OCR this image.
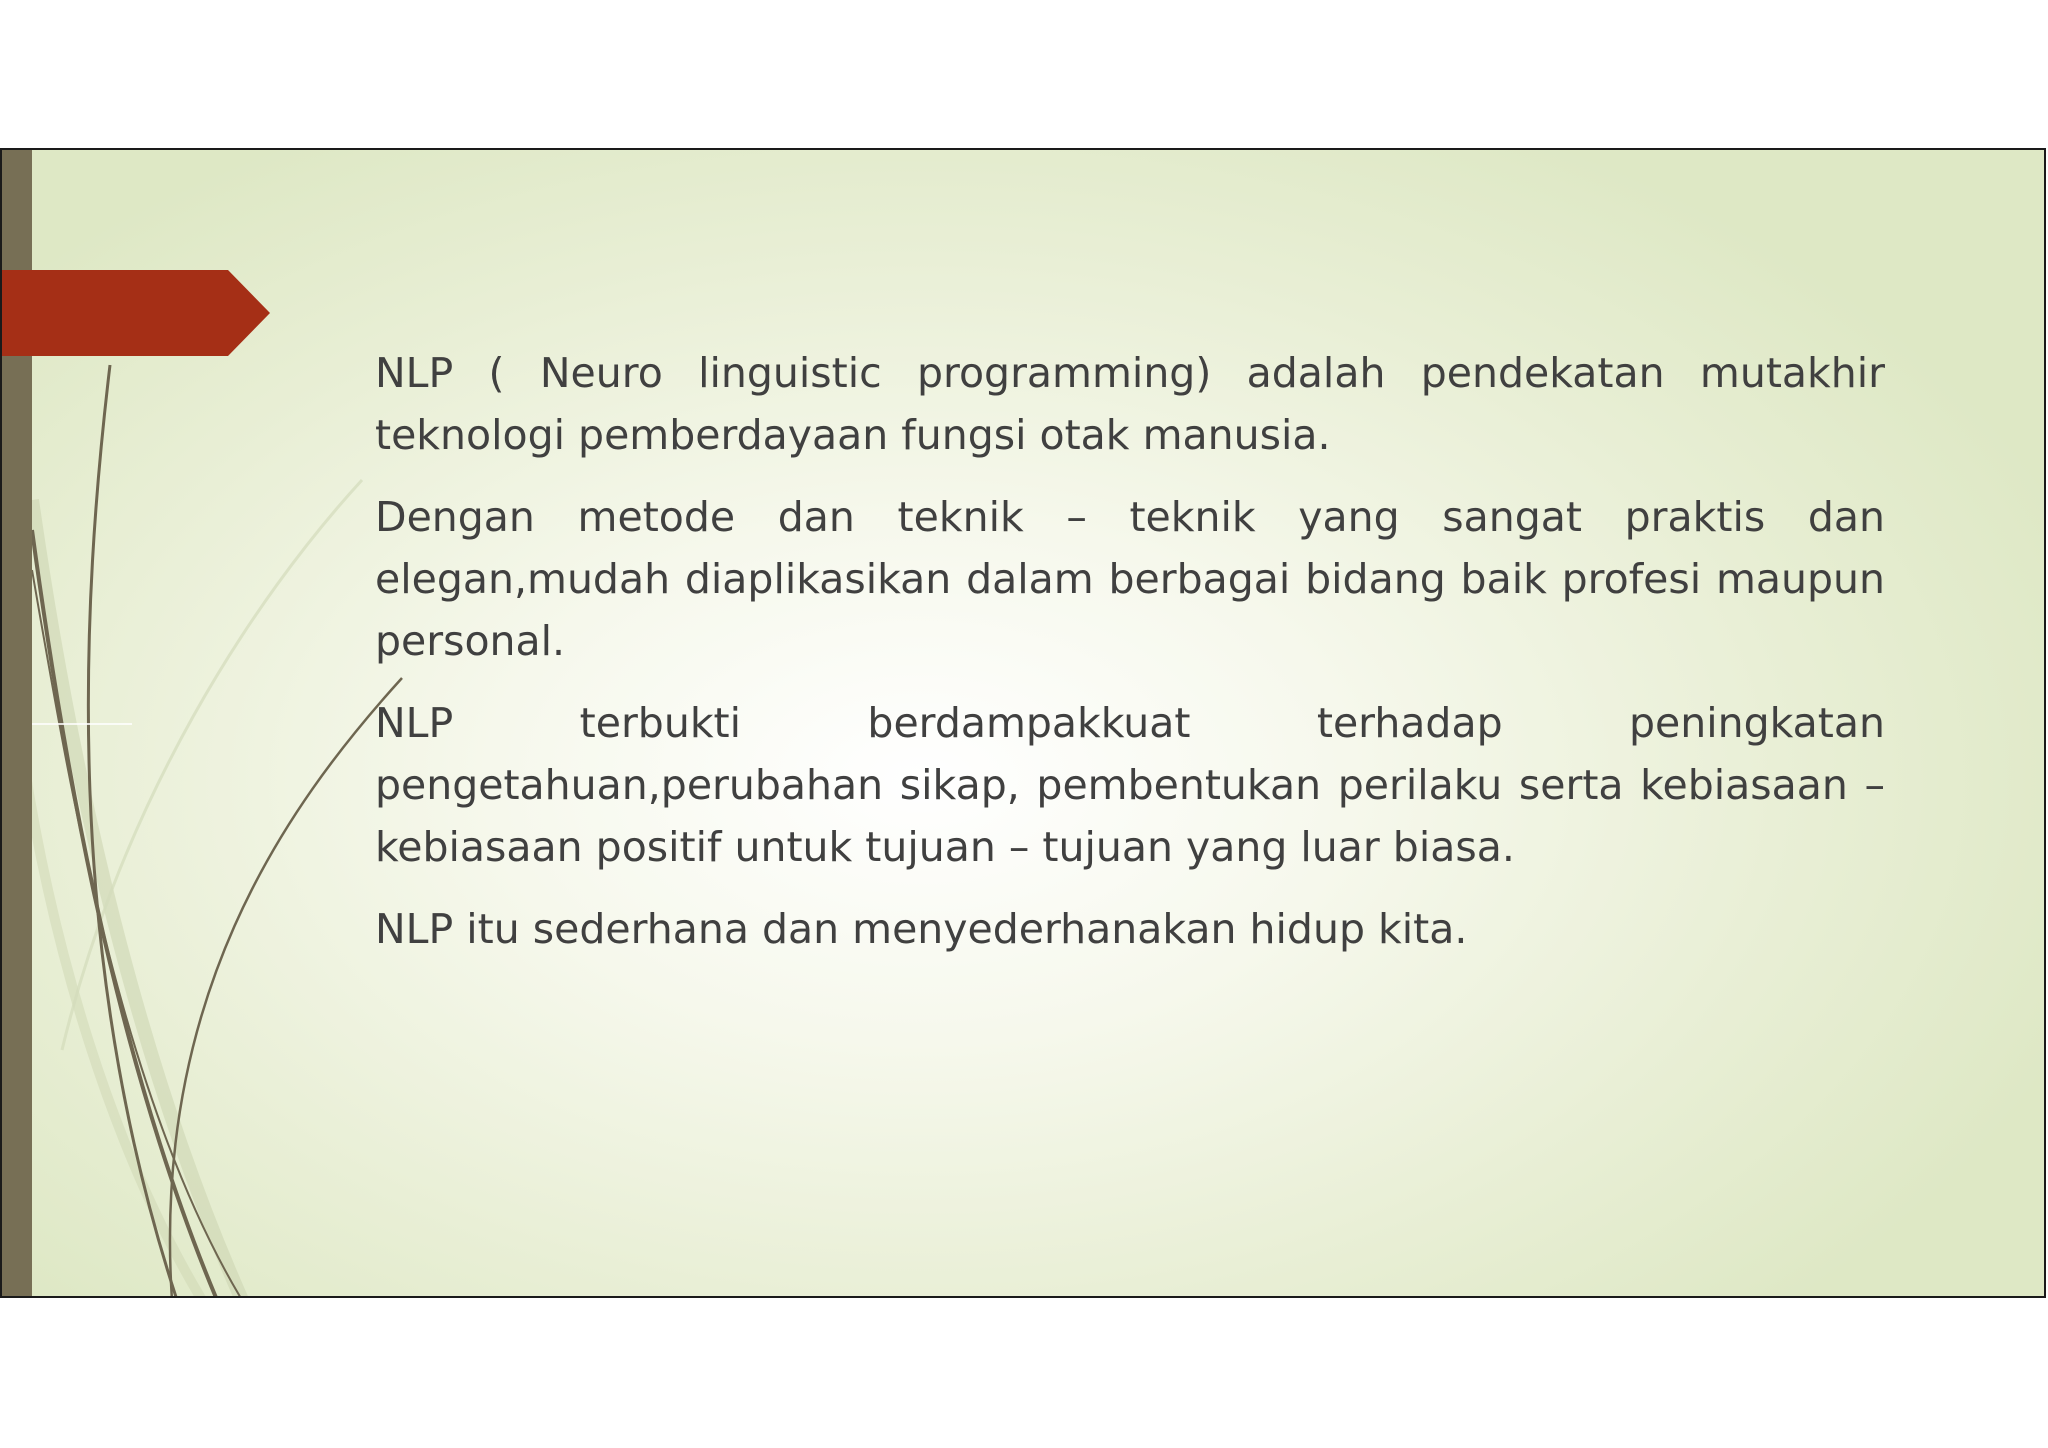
NLP ( Neuro linguistic programming) adalah pendekatan mutakhir teknologi pemberdayaan fungsi otak manusia.

Dengan metode dan teknik – teknik yang sangat praktis dan elegan,mudah diaplikasikan dalam berbagai bidang baik profesi maupun personal.

NLP terbukti berdampakkuat terhadap peningkatan pengetahuan,perubahan sikap, pembentukan perilaku serta kebiasaan – kebiasaan positif untuk tujuan – tujuan yang luar biasa.

NLP itu sederhana dan menyederhanakan hidup kita.
